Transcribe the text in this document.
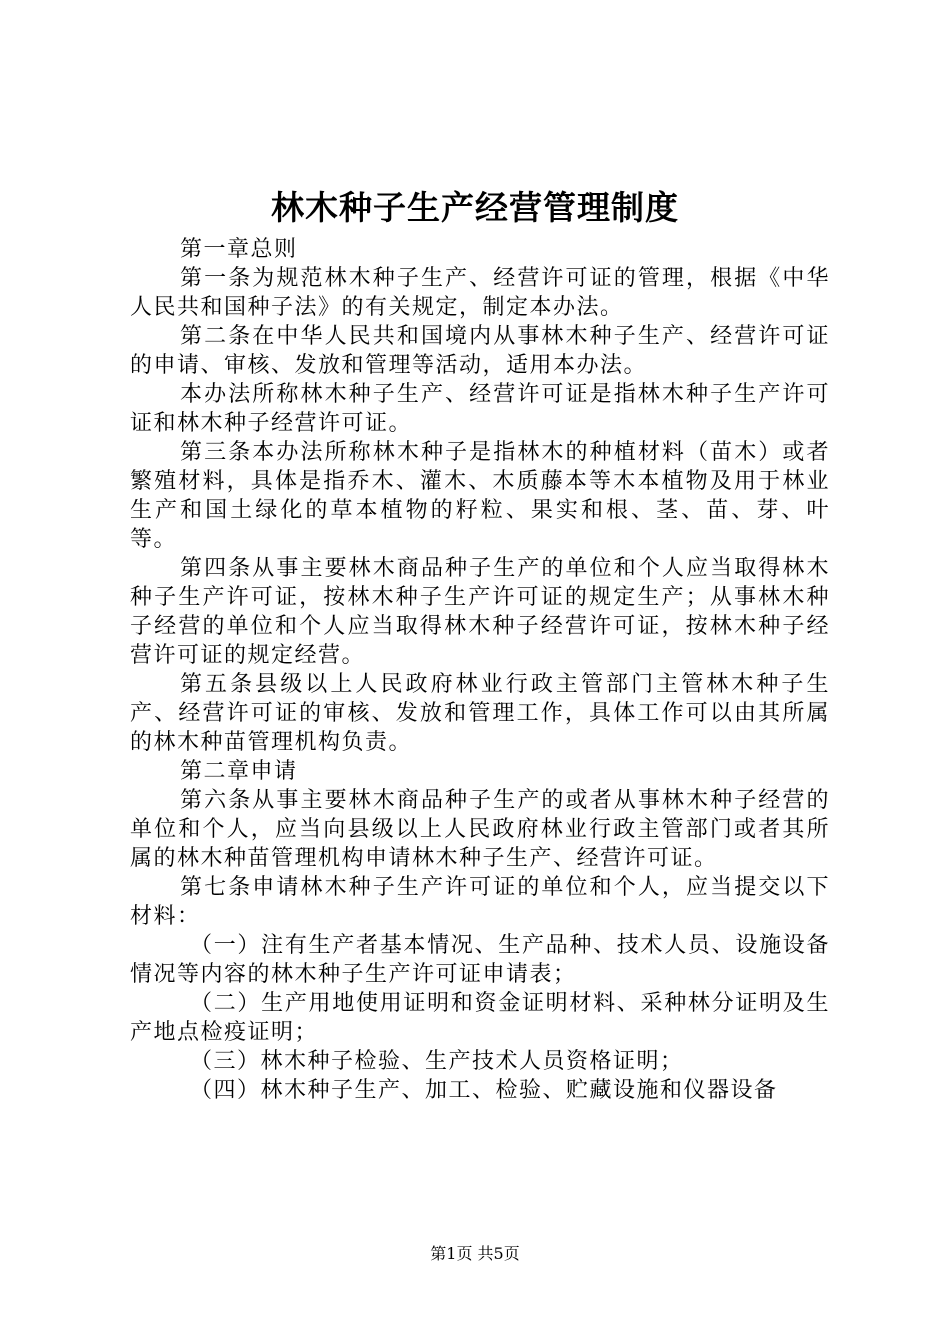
林木种子生产经营管理制度

第一章总则

第一条为规范林木种子生产、经营许可证的管理，根据《中华人民共和国种子法》的有关规定，制定本办法。

第二条在中华人民共和国境内从事林木种子生产、经营许可证的申请、审核、发放和管理等活动，适用本办法。

本办法所称林木种子生产、经营许可证是指林木种子生产许可证和林木种子经营许可证。

第三条本办法所称林木种子是指林木的种植材料（苗木）或者繁殖材料，具体是指乔木、灌木、木质藤本等木本植物及用于林业生产和国土绿化的草本植物的籽粒、果实和根、茎、苗、芽、叶等。

第四条从事主要林木商品种子生产的单位和个人应当取得林木种子生产许可证，按林木种子生产许可证的规定生产；从事林木种子经营的单位和个人应当取得林木种子经营许可证，按林木种子经营许可证的规定经营。

第五条县级以上人民政府林业行政主管部门主管林木种子生产、经营许可证的审核、发放和管理工作，具体工作可以由其所属的林木种苗管理机构负责。

第二章申请

第六条从事主要林木商品种子生产的或者从事林木种子经营的单位和个人，应当向县级以上人民政府林业行政主管部门或者其所属的林木种苗管理机构申请林木种子生产、经营许可证。

第七条申请林木种子生产许可证的单位和个人，应当提交以下材料：

（一）注有生产者基本情况、生产品种、技术人员、设施设备情况等内容的林木种子生产许可证申请表；

（二）生产用地使用证明和资金证明材料、采种林分证明及生产地点检疫证明；

（三）林木种子检验、生产技术人员资格证明；

（四）林木种子生产、加工、检验、贮藏设施和仪器设备

第1页 共5页
